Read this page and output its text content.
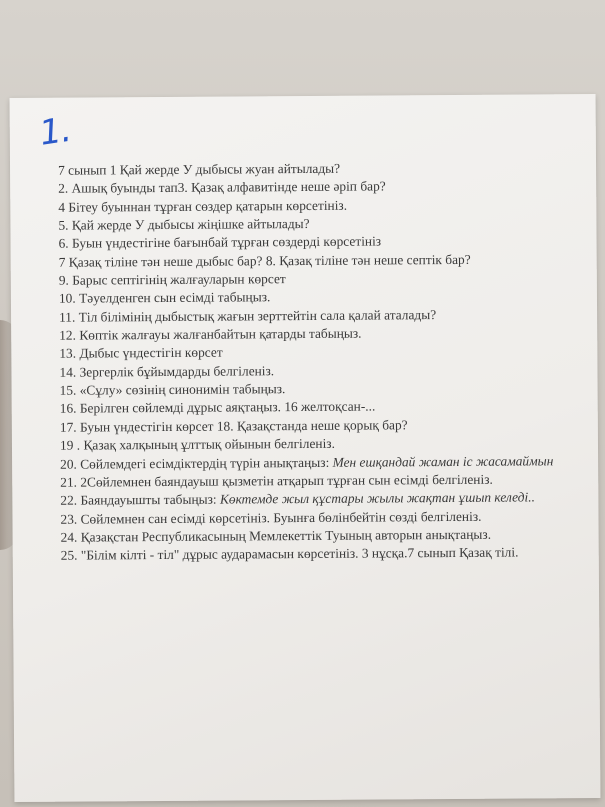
1.
7 сынып 1 Қай жерде У дыбысы жуан айтылады?
2. Ашық буынды тап3. Қазақ алфавитінде неше әріп бар?
4 Бітеу буыннан тұрған сөздер қатарын көрсетініз.
5. Қай жерде У дыбысы жіңішке айтылады?
6. Буын үндестігіне бағынбай тұрған сөздерді көрсетініз
7 Қазақ тіліне тән неше дыбыс бар? 8. Қазақ тіліне тән неше септік бар?
9. Барыс септігінің жалғауларын көрсет
10. Тәуелденген сын есімді табыңыз.
11. Тіл білімінің дыбыстық жағын зерттейтін сала қалай аталады?
12. Көптік жалғауы жалғанбайтын қатарды табыңыз.
13. Дыбыс үндестігін көрсет
14. Зергерлік бұйымдарды белгіленіз.
15. «Сұлу» сөзінің синонимін табыңыз.
16. Берілген сөйлемді дұрыс аяқтаңыз. 16 желтоқсан-...
17. Буын үндестігін көрсет 18. Қазақстанда неше қорық бар?
19 . Қазақ халқының ұлттық ойынын белгіленіз.
20. Сөйлемдегі есімдіктердің түрін анықтаңыз: Мен ешқандай жаман іс жасамаймын
21. 2Сөйлемнен баяндауыш қызметін атқарып тұрған сын есімді белгіленіз.
22. Баяндауышты табыңыз: Көктемде жыл құстары жылы жақтан ұшып келеді..
23. Сөйлемнен сан есімді көрсетініз. Буынға бөлінбейтін сөзді белгіленіз.
24. Қазақстан Республикасының Мемлекеттік Туының авторын анықтаңыз.
25. "Білім кілті - тіл" дұрыс аударамасын көрсетініз. 3 нұсқа.7 сынып Қазақ тілі.
